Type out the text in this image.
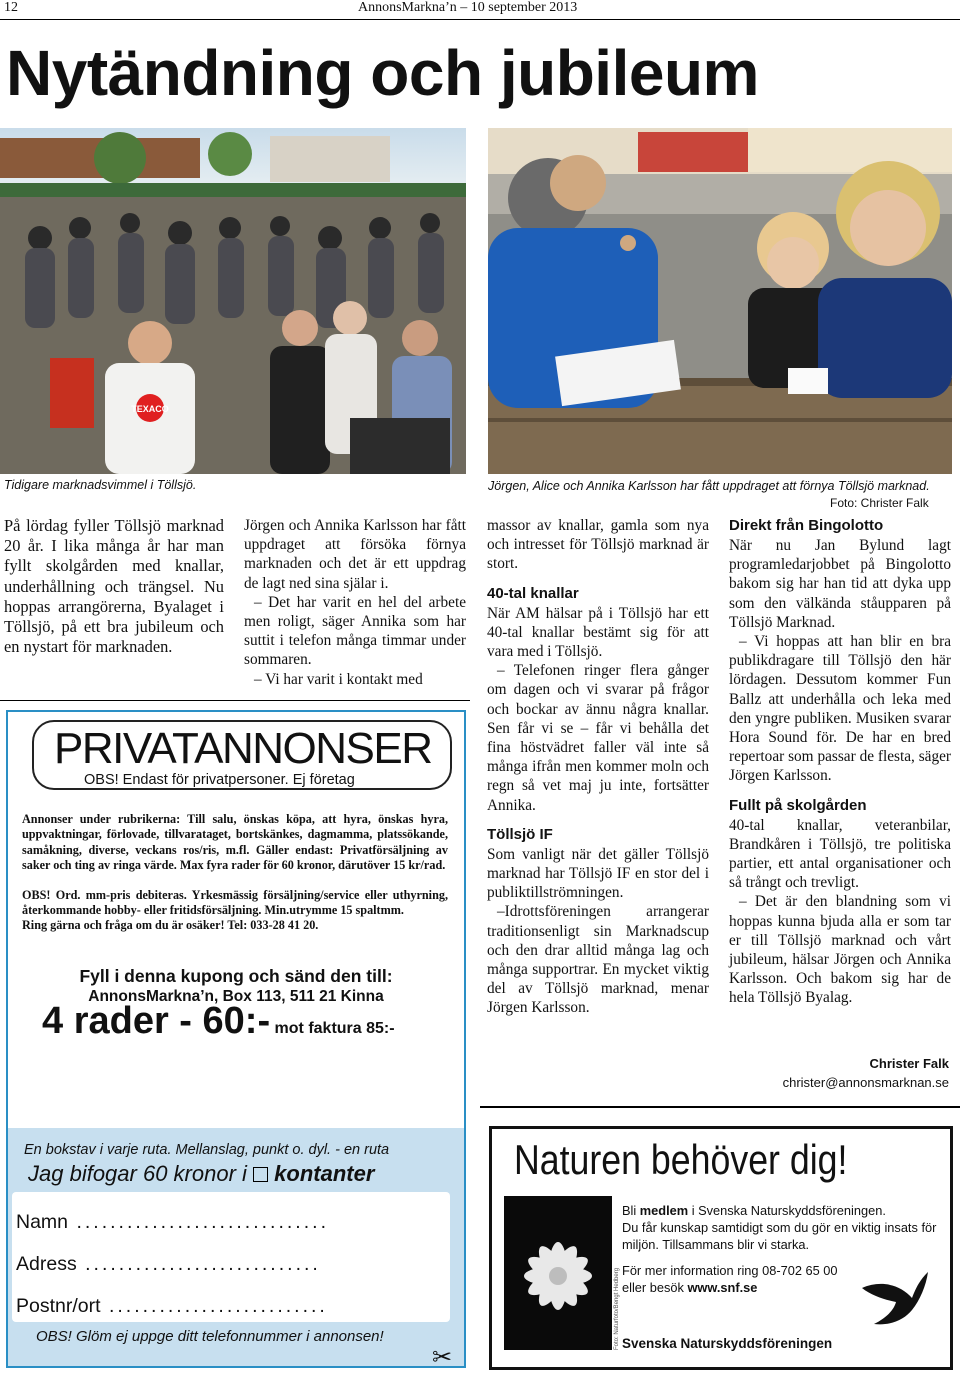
12	AnnonsMarkna’n – 10 september 2013
Nytändning och jubileum
TEXACO
Tidigare marknadsvimmel i Töllsjö.	Jörgen, Alice och Annika Karlsson har fått uppdraget att förnya Töllsjö marknad.
Foto: Christer Falk
På lördag fyller Töllsjö marknad 20 år. I lika många år har man fyllt skolgården med knallar, underhållning och trängsel. Nu hoppas arrangörerna, Byalaget i Töllsjö, på ett bra jubileum och en nystart för marknaden.

Jörgen och Annika Karlsson har fått uppdraget att försöka förnya marknaden och det är ett uppdrag de lagt ned sina själar i.

– Det har varit en hel del arbete men roligt, säger Annika som har suttit i telefon många timmar under sommaren.

– Vi har varit i kontakt med

massor av knallar, gamla som nya och intresset för Töllsjö marknad är stort.

40-tal knallar

När AM hälsar på i Töllsjö har ett 40-tal knallar bestämt sig för att vara med i Töllsjö.

– Telefonen ringer flera gånger om dagen och vi svarar på frågor och bockar av ännu några knallar. Sen får vi se – får vi behålla det fina höstvädret faller väl inte så många ifrån men kommer moln och regn så vet maj ju inte, fortsätter Annika.

Töllsjö IF

Som vanligt när det gäller Töllsjö marknad har Töllsjö IF en stor del i publiktillströmningen.

–Idrottsföreningen arrangerar traditionsenligt sin Marknadscup och den drar alltid många lag och många supportrar. En mycket viktig del av Töllsjö marknad, menar Jörgen Karlsson.

Direkt från Bingolotto

När nu Jan Bylund lagt programledarjobbet på Bingolotto bakom sig har han tid att dyka upp som den välkända ståupparen på Töllsjö Marknad.

– Vi hoppas att han blir en bra publikdragare till Töllsjö den här lördagen. Dessutom kommer Fun Ballz att underhålla och leka med den yngre publiken. Musiken svarar Hora Sound för. De har en bred repertoar som passar de flesta, säger Jörgen Karlsson.

Fullt på skolgården

40-tal knallar, veteranbilar, Brandkåren i Töllsjö, tre politiska partier, ett antal organisationer och så trångt och trevligt.

– Det är den blandning som vi hoppas kunna bjuda alla er som tar er till Töllsjö marknad och vårt jubileum, hälsar Jörgen och Annika Karlsson. Och bakom sig har de hela Töllsjö Byalag.

Christer Falk
christer@annonsmarknan.se
PRIVATANNONSER
OBS! Endast för privatpersoner. Ej företag

Annonser under rubrikerna: Till salu, önskas köpa, att hyra, önskas hyra, uppvaktningar, förlovade, tillvarataget, bortskänkes, dagmamma, platssökande, samåkning, diverse, veckans ros/ris, m.fl. Gäller endast: Privatförsäljning av saker och ting av ringa värde. Max fyra rader för 60 kronor, därutöver 15 kr/rad.

OBS! Ord. mm-pris debiteras. Yrkesmässig försäljning/service eller uthyrning, återkommande hobby- eller fritidsförsäljning. Min.utrymme 15 spaltmm.

Ring gärna och fråga om du är osäker! Tel: 033-28 41 20.

Fyll i denna kupong och sänd den till:
AnnonsMarkna’n, Box 113, 511 21 Kinna
4 rader - 60:- mot faktura 85:-
En bokstav i varje ruta. Mellanslag, punkt o. dyl. - en ruta
Jag bifogar 60 kronor i kontanter
Namn ..............................
Adress ............................
Postnr/ort ..........................
OBS! Glöm ej uppge ditt telefonnummer i annonsen!
✂
Naturen behöver dig!
Foto: Naturfoto/Bengt Hedberg

Bli medlem i Svenska Naturskyddsföreningen.

Du får kunskap samtidigt som du gör en viktig insats för miljön. Tillsammans blir vi starka.

För mer information ring 08-702 65 00

eller besök www.snf.se

Svenska Naturskyddsföreningen
